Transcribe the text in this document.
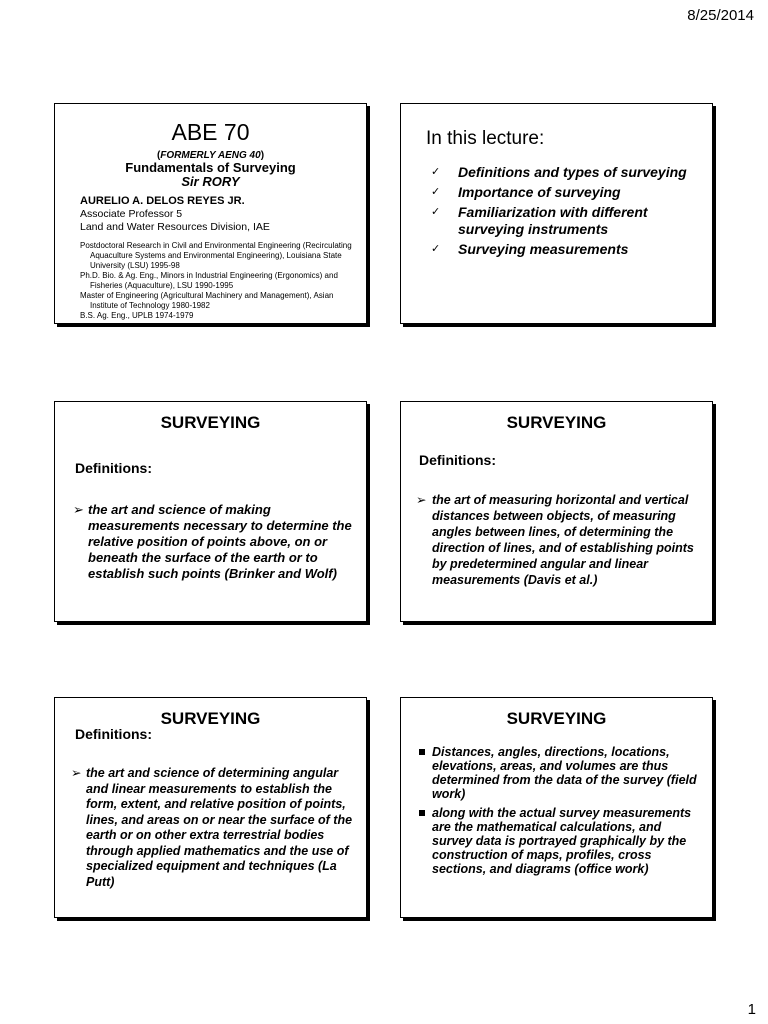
8/25/2014
ABE 70
(FORMERLY AENG 40)
Fundamentals of Surveying
Sir RORY
AURELIO A. DELOS REYES JR.
Associate Professor 5
Land and Water Resources Division, IAE
Postdoctoral Research in Civil and Environmental Engineering (Recirculating Aquaculture Systems and Environmental Engineering), Louisiana State University (LSU) 1995-98
Ph.D. Bio. & Ag. Eng., Minors in Industrial Engineering (Ergonomics) and Fisheries (Aquaculture), LSU 1990-1995
Master of Engineering (Agricultural Machinery and Management), Asian Institute of Technology 1980-1982
B.S. Ag. Eng., UPLB 1974-1979
In this lecture:
✓ Definitions and types of surveying
✓ Importance of surveying
✓ Familiarization with different surveying instruments
✓ Surveying measurements
SURVEYING
Definitions:
➢ the art and science of making measurements necessary to determine the relative position of points above, on or beneath the surface of the earth or to establish such points (Brinker and Wolf)
SURVEYING
Definitions:
➢ the art of measuring horizontal and vertical distances between objects, of measuring angles between lines, of determining the direction of lines, and of establishing points by predetermined angular and linear measurements (Davis et al.)
SURVEYING
Definitions:
➢ the art and science of determining angular and linear measurements to establish the form, extent, and relative position of points, lines, and areas on or near the surface of the earth or on other extra terrestrial bodies through applied mathematics and the use of specialized equipment and techniques (La Putt)
SURVEYING
Distances, angles, directions, locations, elevations, areas, and volumes are thus determined from the data of the survey (field work)
along with the actual survey measurements are the mathematical calculations, and survey data is portrayed graphically by the construction of maps, profiles, cross sections, and diagrams (office work)
1
